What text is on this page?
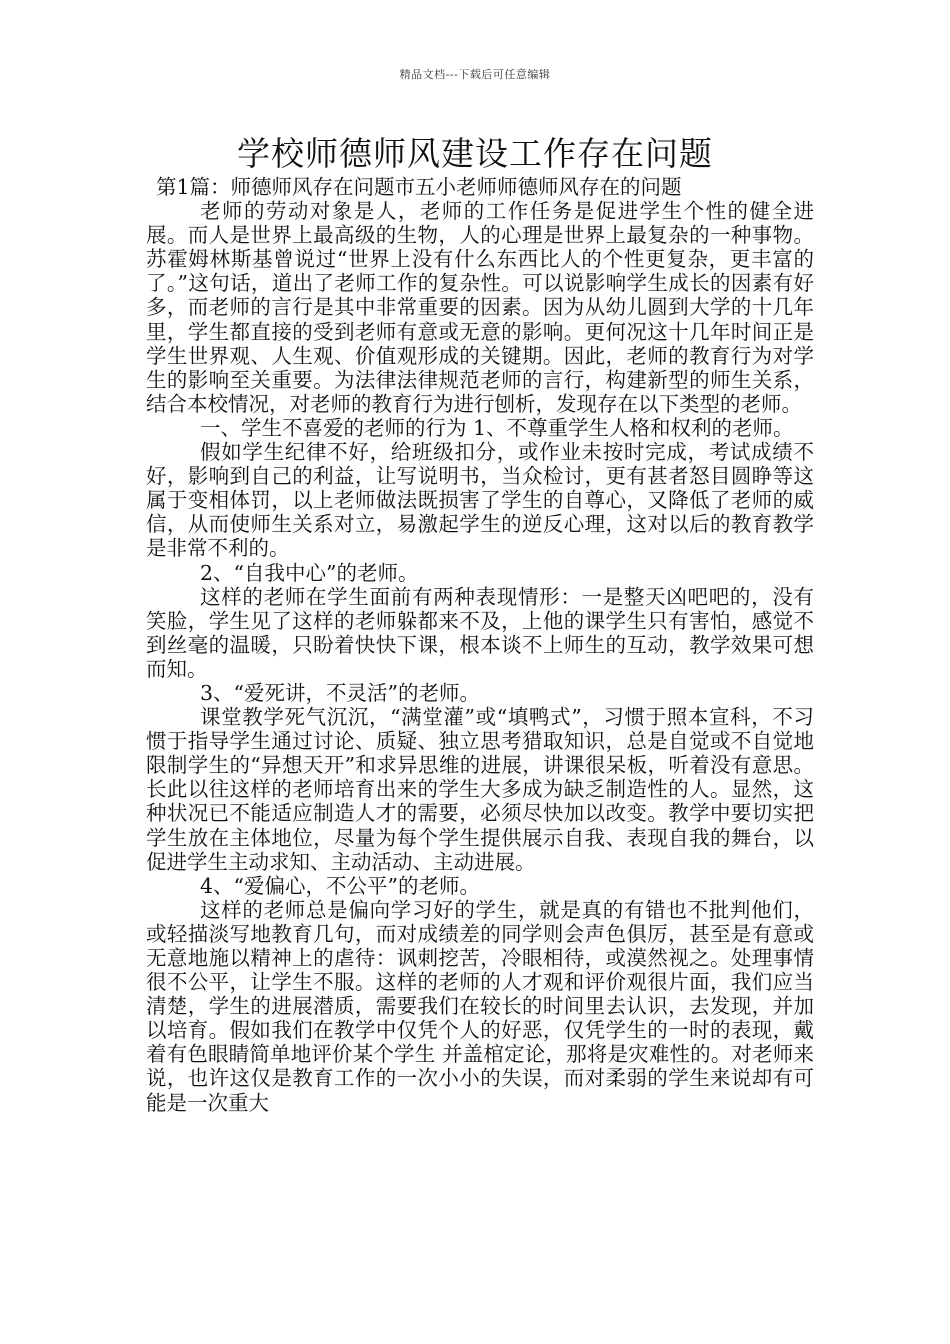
精品文档---下载后可任意编辑
学校师德师风建设工作存在问题

第1篇：师德师风存在问题市五小老师师德师风存在的问题

老师的劳动对象是人，老师的工作任务是促进学生个性的健全进展。而人是世界上最高级的生物，人的心理是世界上最复杂的一种事物。苏霍姆林斯基曾说过“世界上没有什么东西比人的个性更复杂，更丰富的了。”这句话，道出了老师工作的复杂性。可以说影响学生成长的因素有好多，而老师的言行是其中非常重要的因素。因为从幼儿圆到大学的十几年里，学生都直接的受到老师有意或无意的影响。更何况这十几年时间正是学生世界观、人生观、价值观形成的关键期。因此，老师的教育行为对学生的影响至关重要。为法律法律规范老师的言行，构建新型的师生关系，结合本校情况，对老师的教育行为进行刨析，发现存在以下类型的老师。

一、学生不喜爱的老师的行为 1、不尊重学生人格和权利的老师。

假如学生纪律不好，给班级扣分，或作业未按时完成，考试成绩不好，影响到自己的利益，让写说明书，当众检讨，更有甚者怒目圆睁等这属于变相体罚，以上老师做法既损害了学生的自尊心，又降低了老师的威信，从而使师生关系对立，易激起学生的逆反心理，这对以后的教育教学是非常不利的。

2、“自我中心”的老师。

这样的老师在学生面前有两种表现情形：一是整天凶吧吧的，没有笑脸，学生见了这样的老师躲都来不及，上他的课学生只有害怕，感觉不到丝毫的温暖，只盼着快快下课，根本谈不上师生的互动，教学效果可想而知。

3、“爱死讲，不灵活”的老师。

课堂教学死气沉沉，“满堂灌”或“填鸭式”，习惯于照本宣科，不习惯于指导学生通过讨论、质疑、独立思考猎取知识，总是自觉或不自觉地限制学生的“异想天开”和求异思维的进展，讲课很呆板，听着没有意思。长此以往这样的老师培育出来的学生大多成为缺乏制造性的人。显然，这种状况已不能适应制造人才的需要，必须尽快加以改变。教学中要切实把学生放在主体地位，尽量为每个学生提供展示自我、表现自我的舞台，以促进学生主动求知、主动活动、主动进展。

4、“爱偏心，不公平”的老师。

这样的老师总是偏向学习好的学生，就是真的有错也不批判他们，或轻描淡写地教育几句，而对成绩差的同学则会声色俱厉，甚至是有意或无意地施以精神上的虐待：讽刺挖苦，冷眼相待，或漠然视之。处理事情很不公平，让学生不服。这样的老师的人才观和评价观很片面，我们应当清楚，学生的进展潜质，需要我们在较长的时间里去认识，去发现，并加以培育。假如我们在教学中仅凭个人的好恶，仅凭学生的一时的表现，戴着有色眼睛简单地评价某个学生 并盖棺定论，那将是灾难性的。对老师来说，也许这仅是教育工作的一次小小的失误，而对柔弱的学生来说却有可能是一次重大
